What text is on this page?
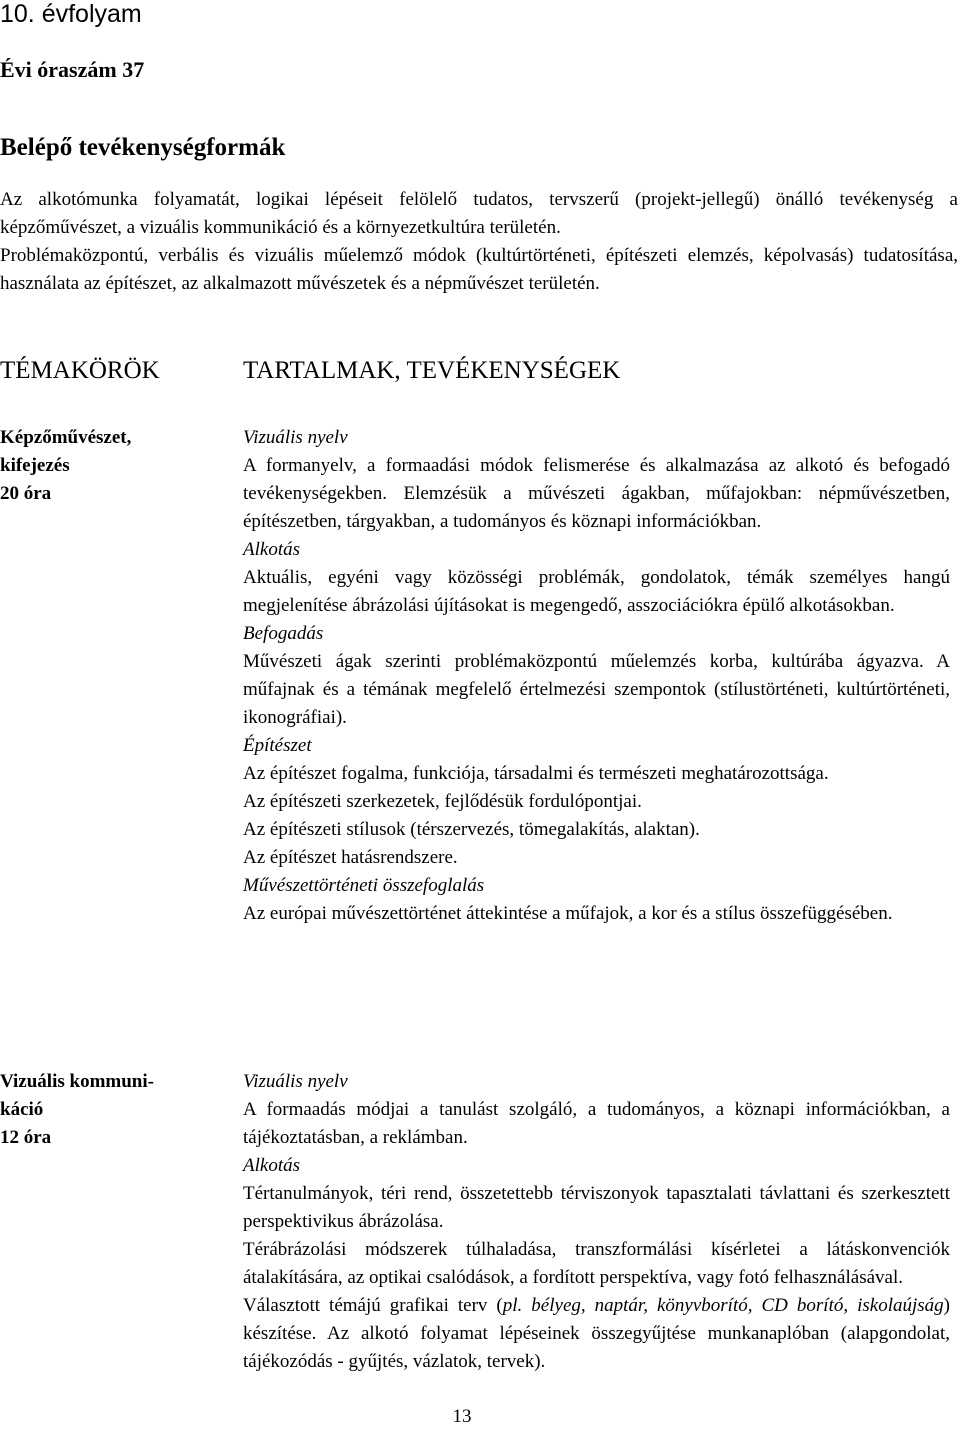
10. évfolyam
Évi óraszám 37
Belépő tevékenységformák

Az alkotómunka folyamatát, logikai lépéseit felölelő tudatos, tervszerű (projekt-jellegű) önálló tevékenység a képzőművészet, a vizuális kommunikáció és a környezetkultúra területén.

Problémaközpontú, verbális és vizuális műelemző módok (kultúrtörténeti, építészeti elemzés, képolvasás) tudatosítása, használata az építészet, az alkalmazott művészetek és a népművészet területén.

TÉMAKÖRÖK	TARTALMAK, TEVÉKENYSÉGEK
Képzőművészet,
kifejezés
20 óra
Vizuális nyelv

A formanyelv, a formaadási módok felismerése és alkalmazása az alkotó és befogadó tevékenységekben. Elemzésük a művészeti ágakban, műfajokban: népművészetben, építészetben, tárgyakban, a tudományos és köznapi információkban.

Alkotás

Aktuális, egyéni vagy közösségi problémák, gondolatok, témák személyes hangú megjelenítése ábrázolási újításokat is megengedő, asszociációkra épülő alkotásokban.

Befogadás

Művészeti ágak szerinti problémaközpontú műelemzés korba, kultúrába ágyazva. A műfajnak és a témának megfelelő értelmezési szempontok (stílustörténeti, kultúrtörténeti, ikonográfiai).

Építészet

Az építészet fogalma, funkciója, társadalmi és természeti meghatározottsága.

Az építészeti szerkezetek, fejlődésük fordulópontjai.

Az építészeti stílusok (térszervezés, tömegalakítás, alaktan).

Az építészet hatásrendszere.

Művészettörténeti összefoglalás

Az európai művészettörténet áttekintése a műfajok, a kor és a stílus összefüggésében.

Vizuális kommuni-
káció
12 óra
Vizuális nyelv

A formaadás módjai a tanulást szolgáló, a tudományos, a köznapi információkban, a tájékoztatásban, a reklámban.

Alkotás

Tértanulmányok, téri rend, összetettebb térviszonyok tapasztalati távlattani és szerkesztett perspektivikus ábrázolása.

Térábrázolási módszerek túlhaladása, transzformálási kísérletei a látáskonvenciók átalakítására, az optikai csalódások, a fordított perspektíva, vagy fotó felhasználásával.

Választott témájú grafikai terv (pl. bélyeg, naptár, könyvborító, CD borító, iskolaújság) készítése. Az alkotó folyamat lépéseinek összegyűjtése munkanaplóban (alapgondolat, tájékozódás - gyűjtés, vázlatok, tervek).

13
